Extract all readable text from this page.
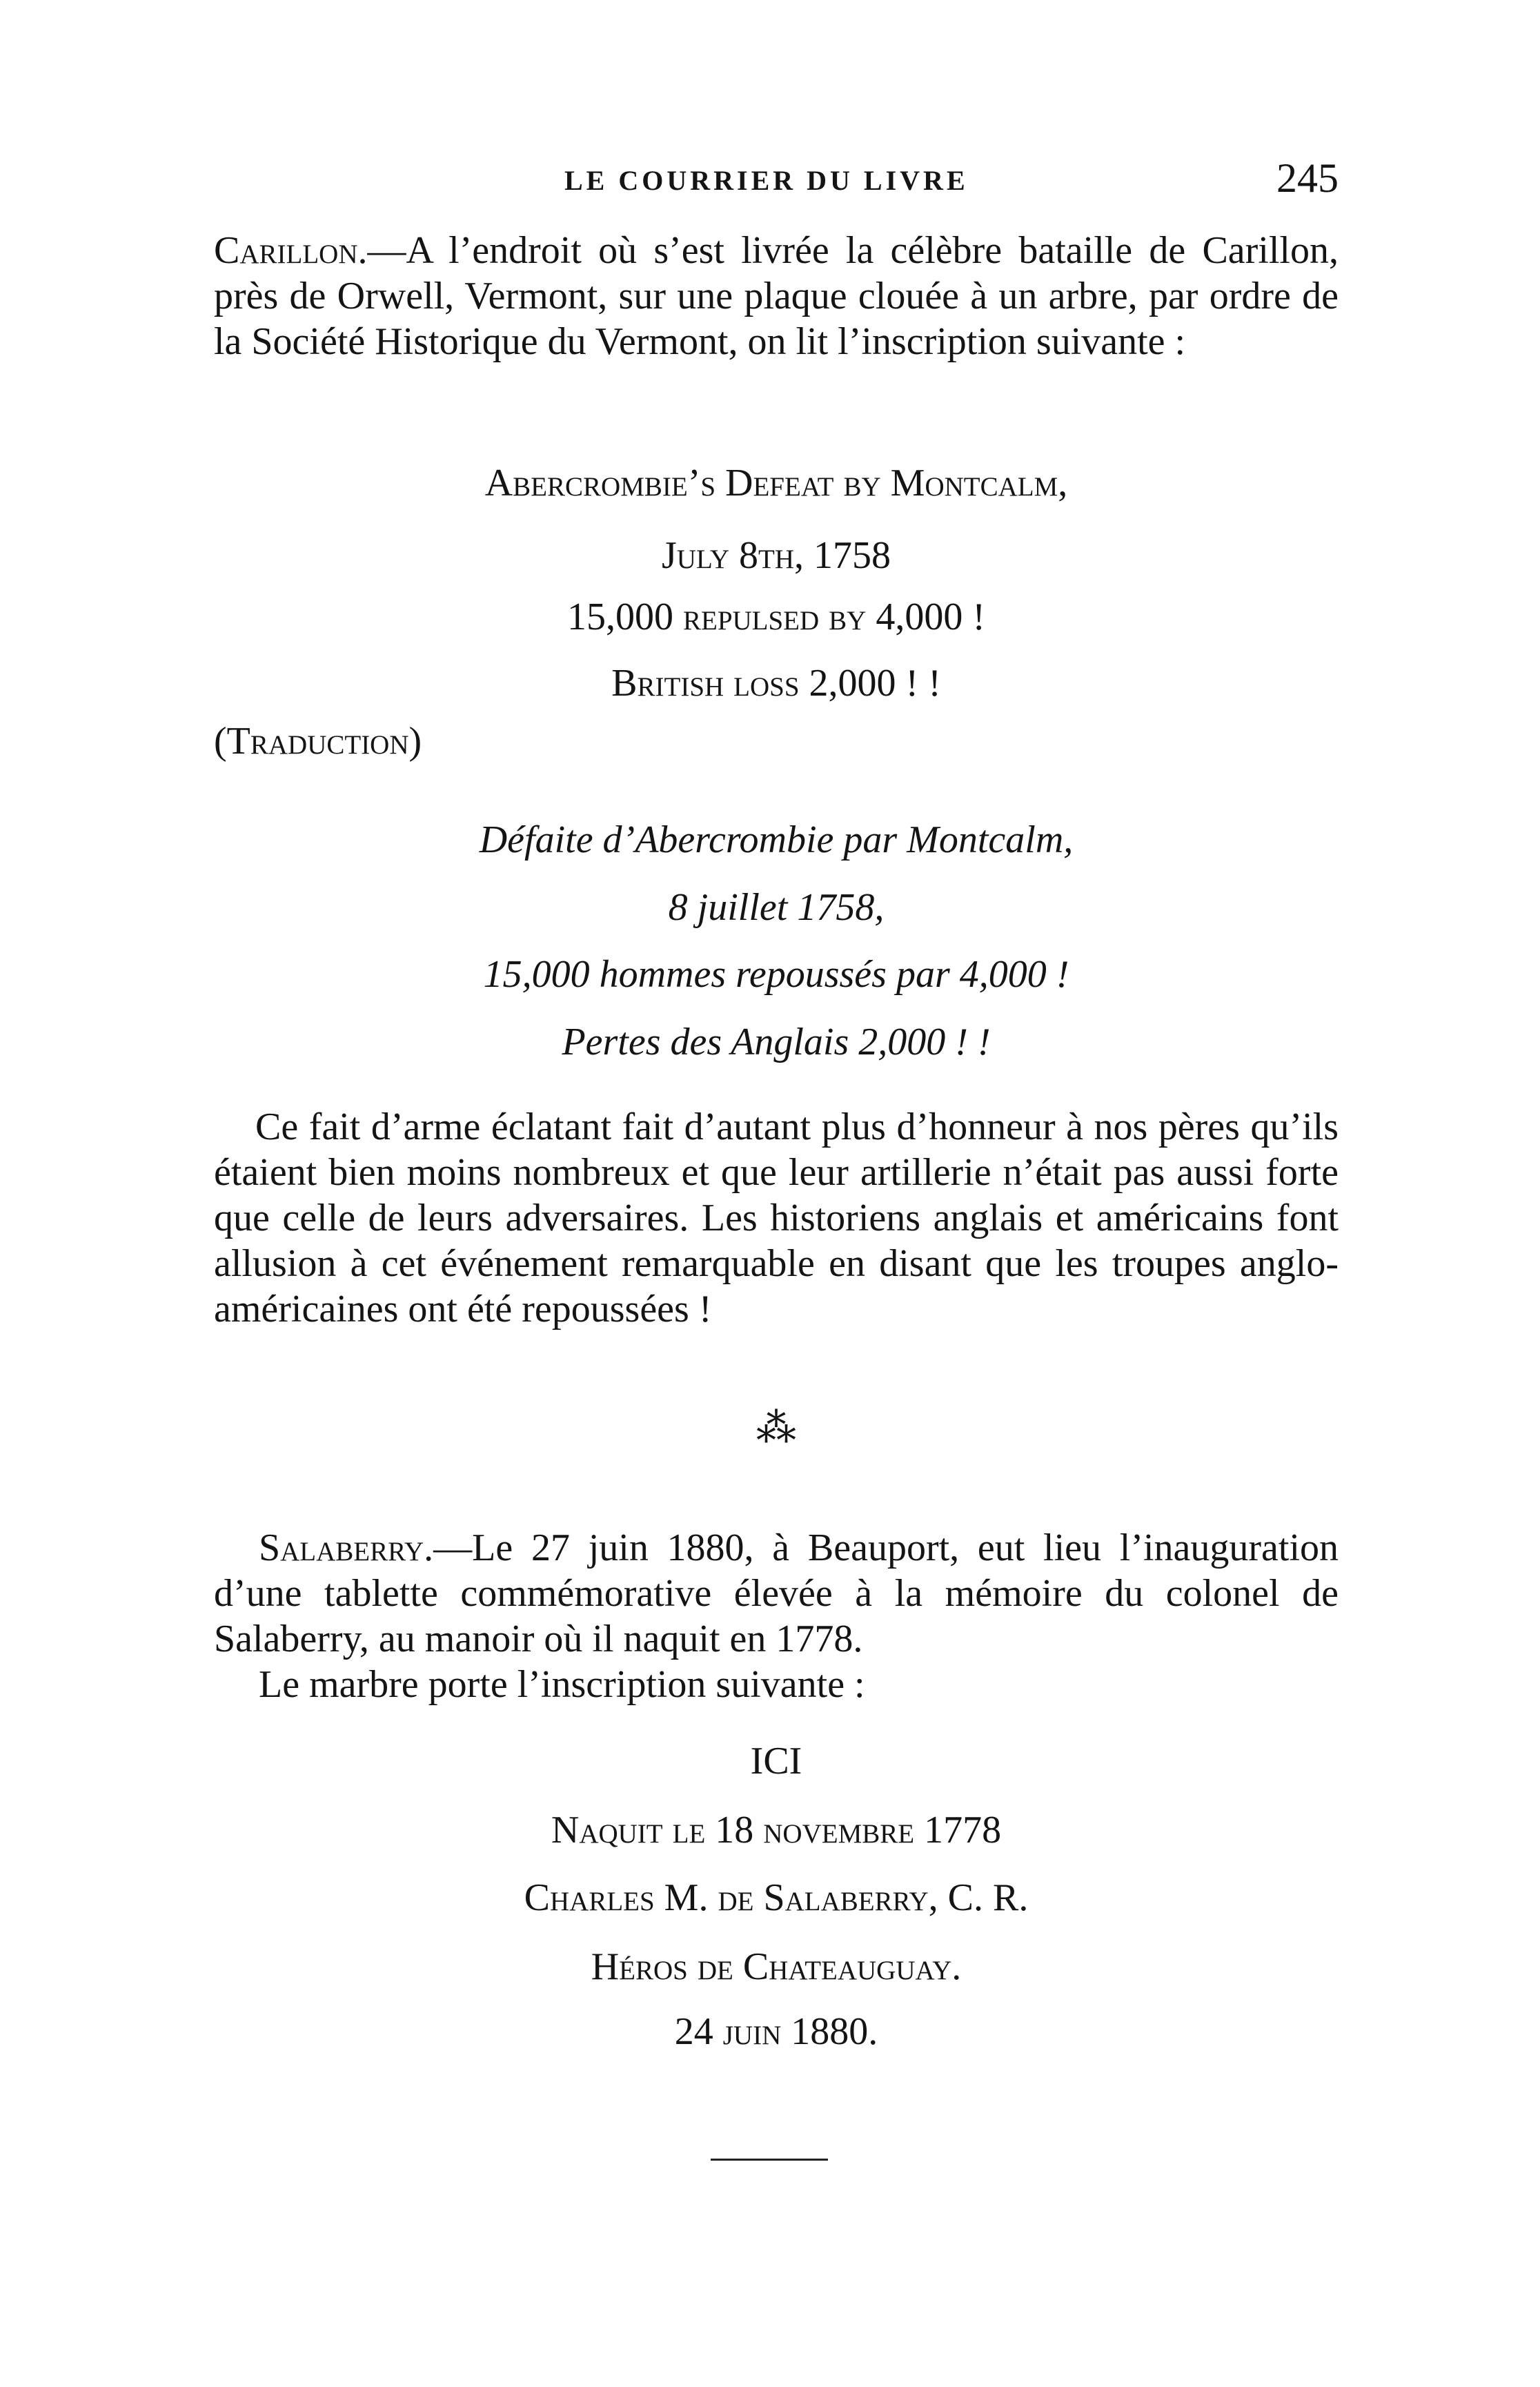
LE COURRIER DU LIVRE	245

Carillon.—A l’endroit où s’est livrée la célèbre bataille de Carillon, près de Orwell, Vermont, sur une plaque clouée à un arbre, par ordre de la Société Historique du Vermont, on lit l’inscription suivante :

Abercrombie’s Defeat by Montcalm,
July 8th, 1758
15,000 repulsed by 4,000 !
British loss 2,000 ! !
(Traduction)
Défaite d’Abercrombie par Montcalm,
8 juillet 1758,
15,000 hommes repoussés par 4,000 !
Pertes des Anglais 2,000 ! !

Ce fait d’arme éclatant fait d’autant plus d’honneur à nos pères qu’ils étaient bien moins nombreux et que leur artillerie n’était pas aussi forte que celle de leurs adversaires. Les historiens anglais et américains font allusion à cet événement remarquable en disant que les troupes anglo-américaines ont été repoussées !

⁂

Salaberry.—Le 27 juin 1880, à Beauport, eut lieu l’inauguration d’une tablette commémorative élevée à la mémoire du colonel de Salaberry, au manoir où il naquit en 1778.

Le marbre porte l’inscription suivante :

ICI
Naquit le 18 novembre 1778
Charles M. de Salaberry, C. R.
Héros de Chateauguay.
24 juin 1880.
